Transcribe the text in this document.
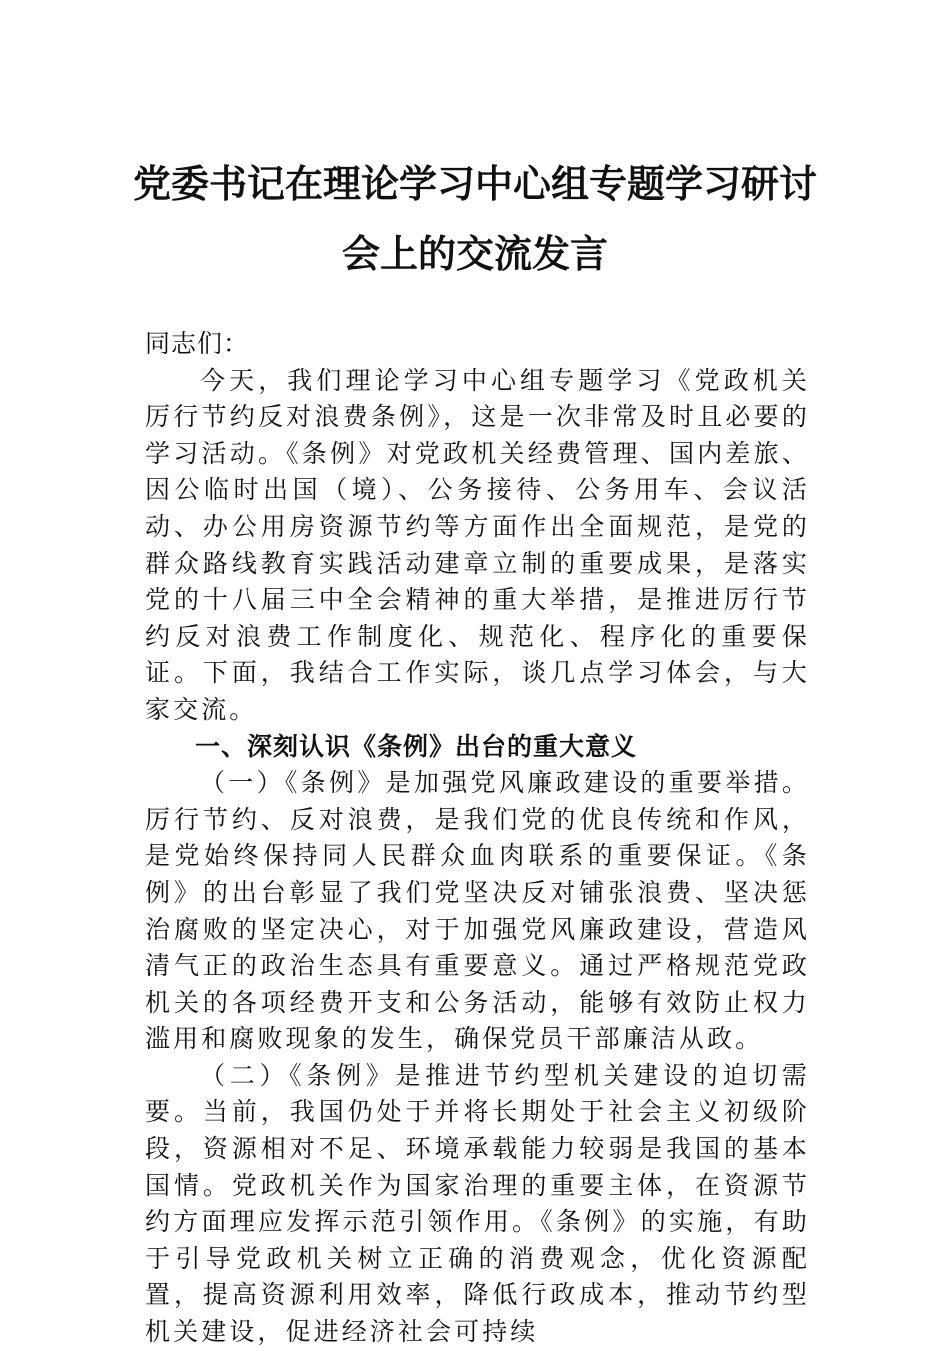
党委书记在理论学习中心组专题学习研讨
会上的交流发言

同志们：

今天，我们理论学习中心组专题学习《党政机关厉行节约反对浪费条例》，这是一次非常及时且必要的学习活动。《条例》对党政机关经费管理、国内差旅、因公临时出国（境）、公务接待、公务用车、会议活动、办公用房资源节约等方面作出全面规范，是党的群众路线教育实践活动建章立制的重要成果，是落实党的十八届三中全会精神的重大举措，是推进厉行节约反对浪费工作制度化、规范化、程序化的重要保证。下面，我结合工作实际，谈几点学习体会，与大家交流。

一、深刻认识《条例》出台的重大意义

（一）《条例》是加强党风廉政建设的重要举措。厉行节约、反对浪费，是我们党的优良传统和作风，是党始终保持同人民群众血肉联系的重要保证。《条例》的出台彰显了我们党坚决反对铺张浪费、坚决惩治腐败的坚定决心，对于加强党风廉政建设，营造风清气正的政治生态具有重要意义。通过严格规范党政机关的各项经费开支和公务活动，能够有效防止权力滥用和腐败现象的发生，确保党员干部廉洁从政。

（二）《条例》是推进节约型机关建设的迫切需要。当前，我国仍处于并将长期处于社会主义初级阶段，资源相对不足、环境承载能力较弱是我国的基本国情。党政机关作为国家治理的重要主体，在资源节约方面理应发挥示范引领作用。《条例》的实施，有助于引导党政机关树立正确的消费观念，优化资源配置，提高资源利用效率，降低行政成本，推动节约型机关建设，促进经济社会可持续
